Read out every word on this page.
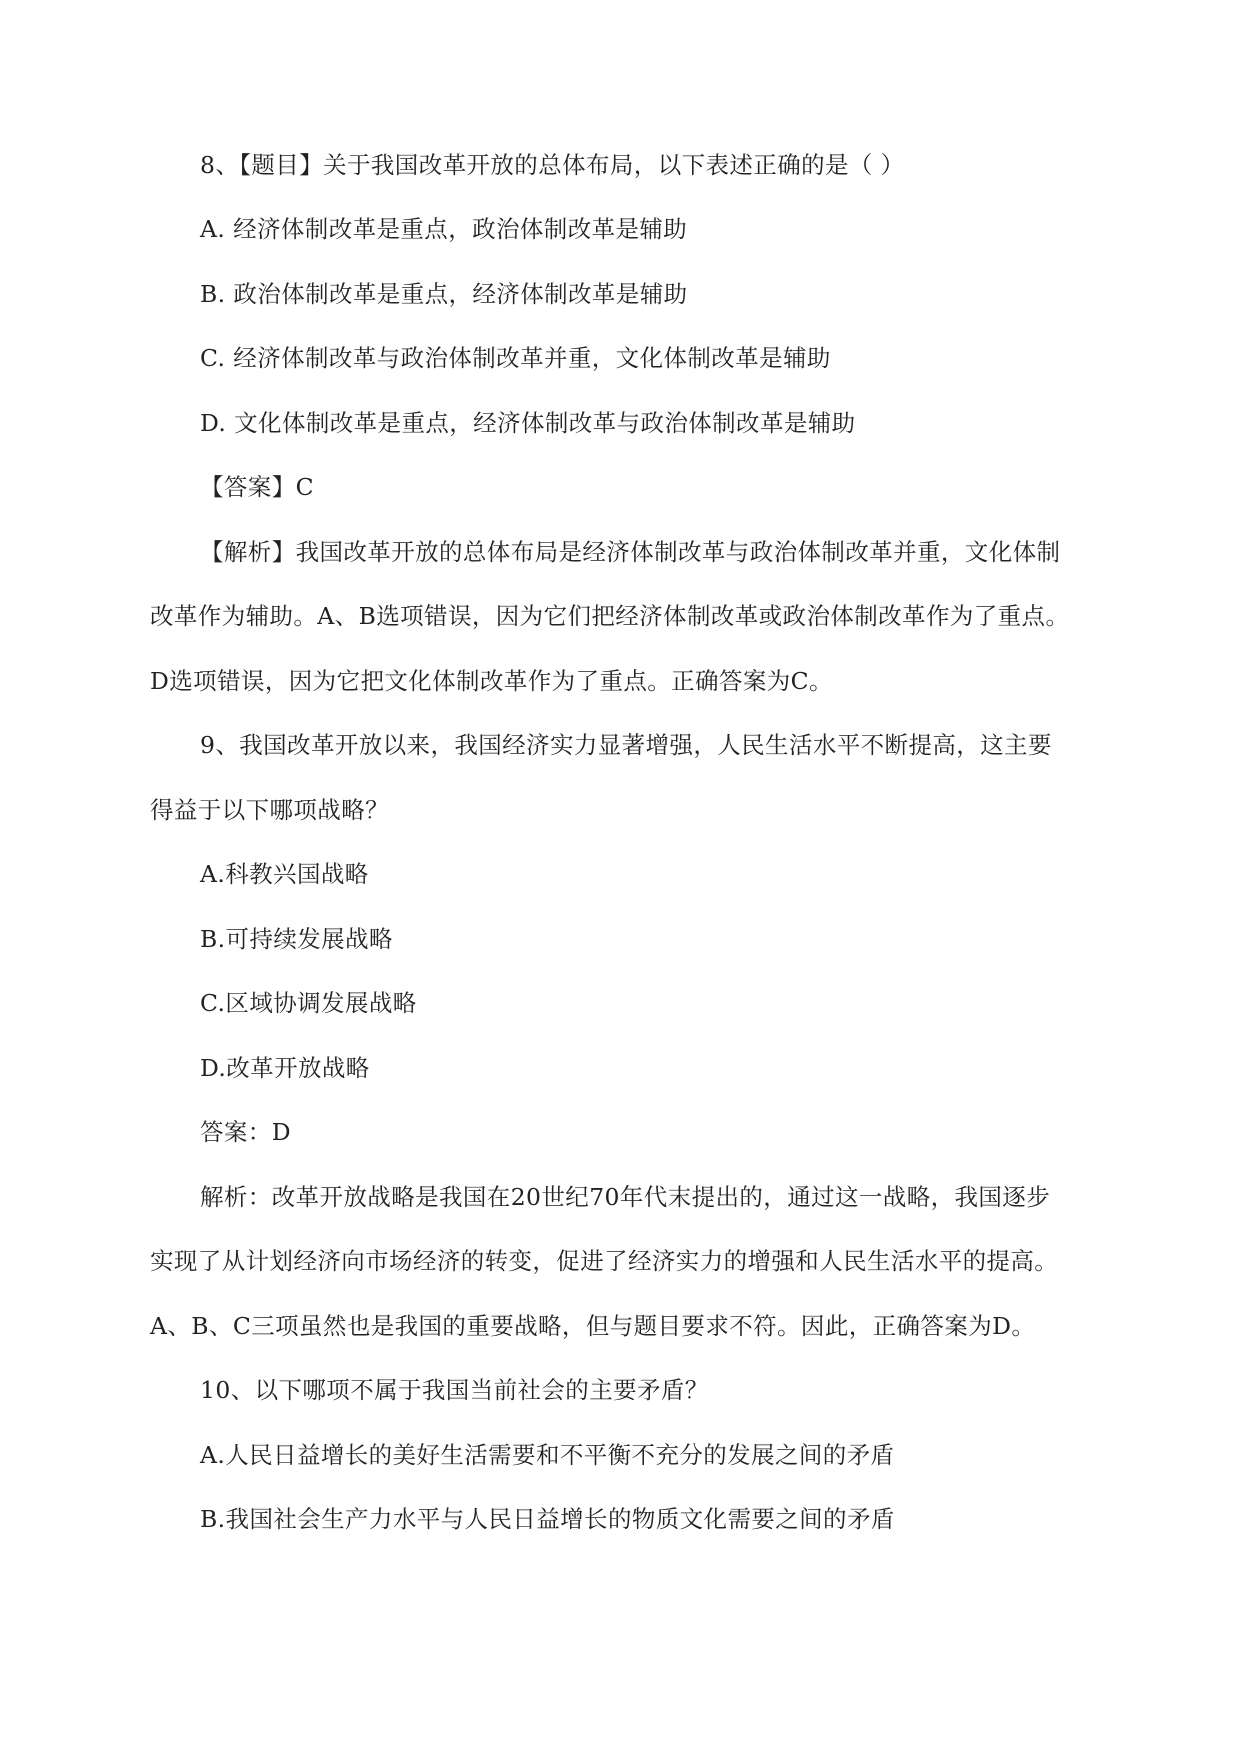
8、【题目】关于我国改革开放的总体布局，以下表述正确的是（ ）
A. 经济体制改革是重点，政治体制改革是辅助
B. 政治体制改革是重点，经济体制改革是辅助
C. 经济体制改革与政治体制改革并重，文化体制改革是辅助
D. 文化体制改革是重点，经济体制改革与政治体制改革是辅助
【答案】C
【解析】我国改革开放的总体布局是经济体制改革与政治体制改革并重，文化体制
改革作为辅助。A、B选项错误，因为它们把经济体制改革或政治体制改革作为了重点。
D选项错误，因为它把文化体制改革作为了重点。正确答案为C。
9、我国改革开放以来，我国经济实力显著增强，人民生活水平不断提高，这主要
得益于以下哪项战略？
A.科教兴国战略
B.可持续发展战略
C.区域协调发展战略
D.改革开放战略
答案：D
解析：改革开放战略是我国在20世纪70年代末提出的，通过这一战略，我国逐步
实现了从计划经济向市场经济的转变，促进了经济实力的增强和人民生活水平的提高。
A、B、C三项虽然也是我国的重要战略，但与题目要求不符。因此，正确答案为D。
10、以下哪项不属于我国当前社会的主要矛盾？
A.人民日益增长的美好生活需要和不平衡不充分的发展之间的矛盾
B.我国社会生产力水平与人民日益增长的物质文化需要之间的矛盾
